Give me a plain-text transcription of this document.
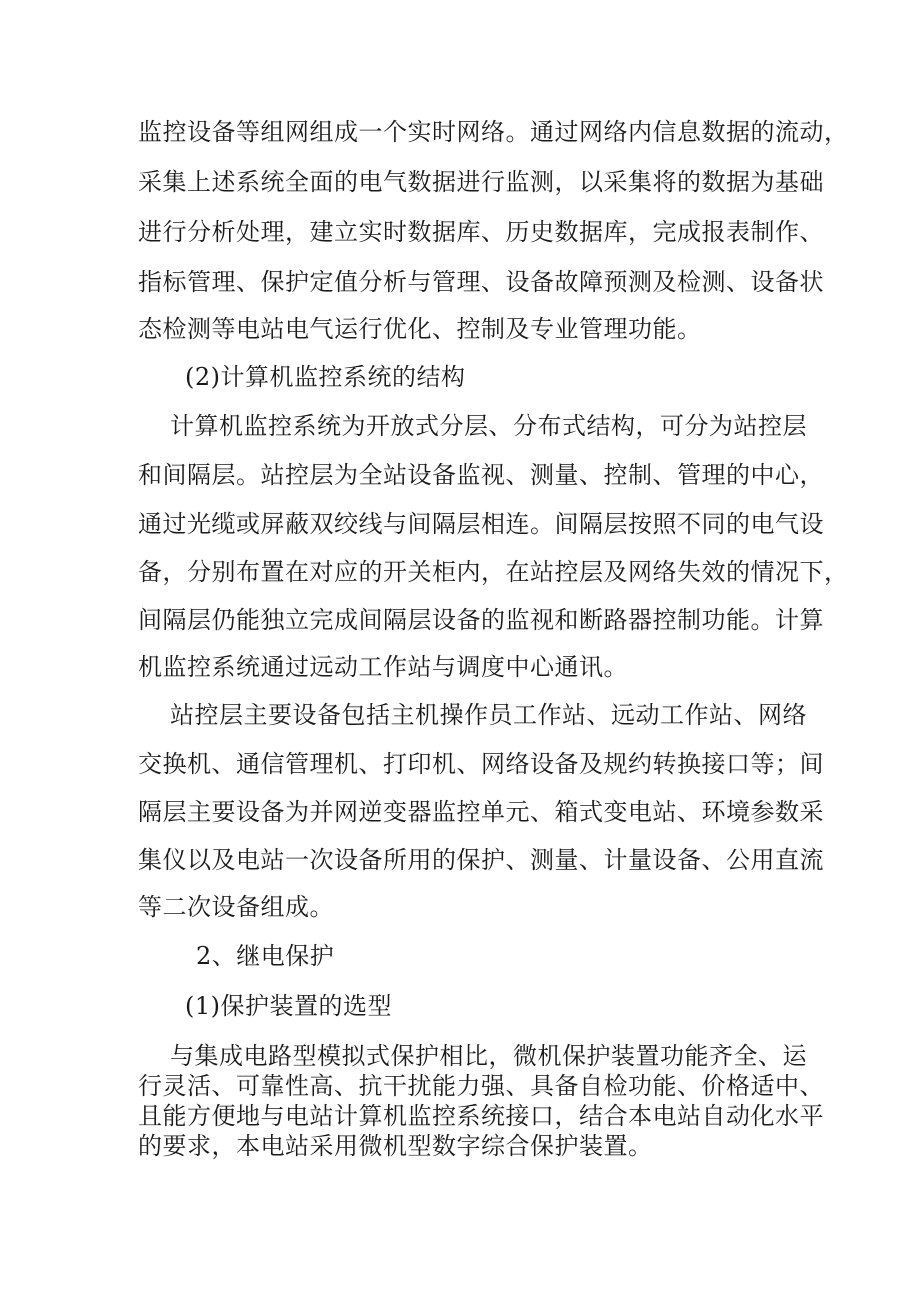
监控设备等组网组成一个实时网络。通过网络内信息数据的流动，
采集上述系统全面的电气数据进行监测，以采集将的数据为基础
进行分析处理，建立实时数据库、历史数据库，完成报表制作、
指标管理、保护定值分析与管理、设备故障预测及检测、设备状
态检测等电站电气运行优化、控制及专业管理功能。
(2)计算机监控系统的结构
计算机监控系统为开放式分层、分布式结构，可分为站控层
和间隔层。站控层为全站设备监视、测量、控制、管理的中心，
通过光缆或屏蔽双绞线与间隔层相连。间隔层按照不同的电气设
备，分别布置在对应的开关柜内，在站控层及网络失效的情况下，
间隔层仍能独立完成间隔层设备的监视和断路器控制功能。计算
机监控系统通过远动工作站与调度中心通讯。
站控层主要设备包括主机操作员工作站、远动工作站、网络
交换机、通信管理机、打印机、网络设备及规约转换接口等；间
隔层主要设备为并网逆变器监控单元、箱式变电站、环境参数采
集仪以及电站一次设备所用的保护、测量、计量设备、公用直流
等二次设备组成。
2、继电保护
(1)保护装置的选型
与集成电路型模拟式保护相比，微机保护装置功能齐全、运
行灵活、可靠性高、抗干扰能力强、具备自检功能、价格适中、
且能方便地与电站计算机监控系统接口，结合本电站自动化水平
的要求，本电站采用微机型数字综合保护装置。
